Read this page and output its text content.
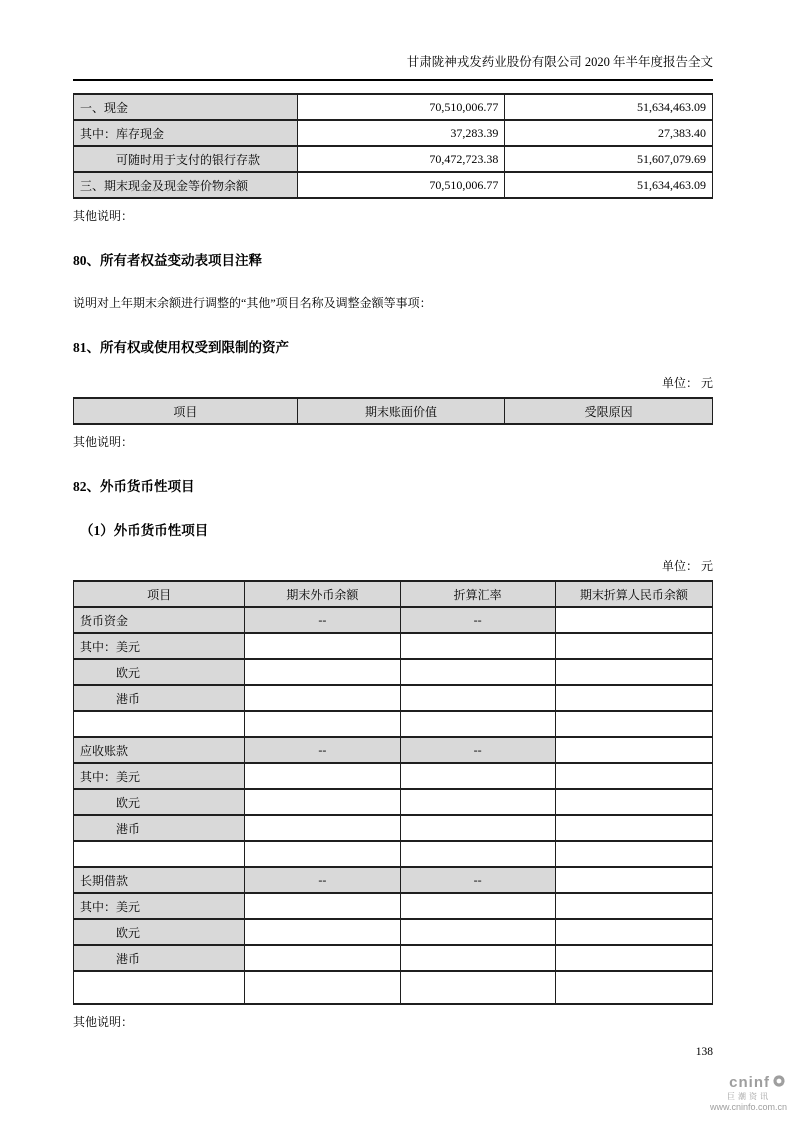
甘肃陇神戎发药业股份有限公司 2020 年半年度报告全文
一、现金	70,510,006.77	51,634,463.09
其中：库存现金	37,283.39	27,383.40
可随时用于支付的银行存款	70,472,723.38	51,607,079.69
三、期末现金及现金等价物余额	70,510,006.77	51,634,463.09

其他说明：

80、所有者权益变动表项目注释

说明对上年期末余额进行调整的“其他”项目名称及调整金额等事项：

81、所有权或使用权受到限制的资产
单位： 元
项目	期末账面价值	受限原因

其他说明：

82、外币货币性项目
（1）外币货币性项目
单位： 元
项目	期末外币余额	折算汇率	期末折算人民币余额
货币资金	--	--	
其中：美元			
欧元			
港币			

应收账款	--	--	
其中：美元			
欧元			
港币			

长期借款	--	--	
其中：美元			
欧元			
港币			

其他说明：

138
cninf
巨潮资讯
www.cninfo.com.cn
